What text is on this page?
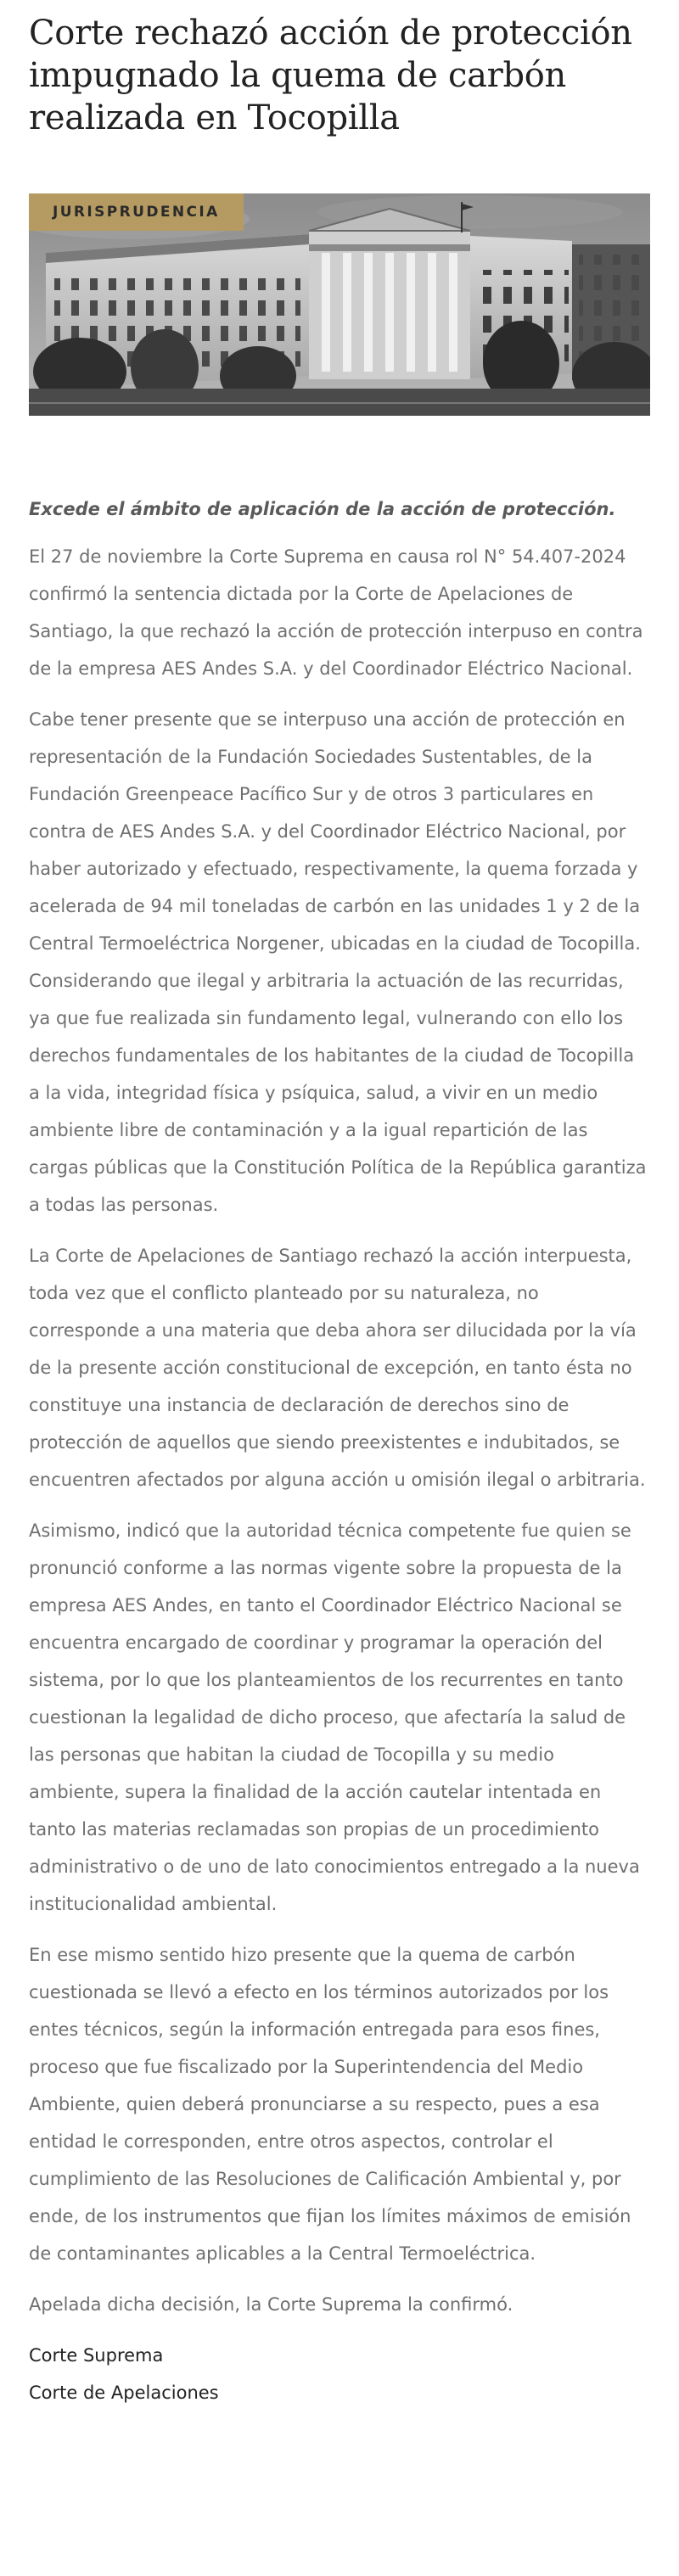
Corte rechazó acción de protección impugnado la quema de carbón realizada en Tocopilla
JURISPRUDENCIA

Excede el ámbito de aplicación de la acción de protección.

El 27 de noviembre la Corte Suprema en causa rol N° 54.407-2024 confirmó la sentencia dictada por la Corte de Apelaciones de Santiago, la que rechazó la acción de protección interpuso en contra de la empresa AES Andes S.A. y del Coordinador Eléctrico Nacional.

Cabe tener presente que se interpuso una acción de protección en representación de la Fundación Sociedades Sustentables, de la Fundación Greenpeace Pacífico Sur y de otros 3 particulares en contra de AES Andes S.A. y del Coordinador Eléctrico Nacional, por haber autorizado y efectuado, respectivamente, la quema forzada y acelerada de 94 mil toneladas de carbón en las unidades 1 y 2 de la Central Termoeléctrica Norgener, ubicadas en la ciudad de Tocopilla. Considerando que ilegal y arbitraria la actuación de las recurridas, ya que fue realizada sin fundamento legal, vulnerando con ello los derechos fundamentales de los habitantes de la ciudad de Tocopilla a la vida, integridad física y psíquica, salud, a vivir en un medio ambiente libre de contaminación y a la igual repartición de las cargas públicas que la Constitución Política de la República garantiza a todas las personas.

La Corte de Apelaciones de Santiago rechazó la acción interpuesta, toda vez que el conflicto planteado por su naturaleza, no corresponde a una materia que deba ahora ser dilucidada por la vía de la presente acción constitucional de excepción, en tanto ésta no constituye una instancia de declaración de derechos sino de protección de aquellos que siendo preexistentes e indubitados, se encuentren afectados por alguna acción u omisión ilegal o arbitraria.

Asimismo, indicó que la autoridad técnica competente fue quien se pronunció conforme a las normas vigente sobre la propuesta de la empresa AES Andes, en tanto el Coordinador Eléctrico Nacional se encuentra encargado de coordinar y programar la operación del sistema, por lo que los planteamientos de los recurrentes en tanto cuestionan la legalidad de dicho proceso, que afectaría la salud de las personas que habitan la ciudad de Tocopilla y su medio ambiente, supera la finalidad de la acción cautelar intentada en tanto las materias reclamadas son propias de un procedimiento administrativo o de uno de lato conocimientos entregado a la nueva institucionalidad ambiental.

En ese mismo sentido hizo presente que la quema de carbón cuestionada se llevó a efecto en los términos autorizados por los entes técnicos, según la información entregada para esos fines, proceso que fue fiscalizado por la Superintendencia del Medio Ambiente, quien deberá pronunciarse a su respecto, pues a esa entidad le corresponden, entre otros aspectos, controlar el cumplimiento de las Resoluciones de Calificación Ambiental y, por ende, de los instrumentos que fijan los límites máximos de emisión de contaminantes aplicables a la Central Termoeléctrica.

Apelada dicha decisión, la Corte Suprema la confirmó.

Corte Suprema
Corte de Apelaciones
